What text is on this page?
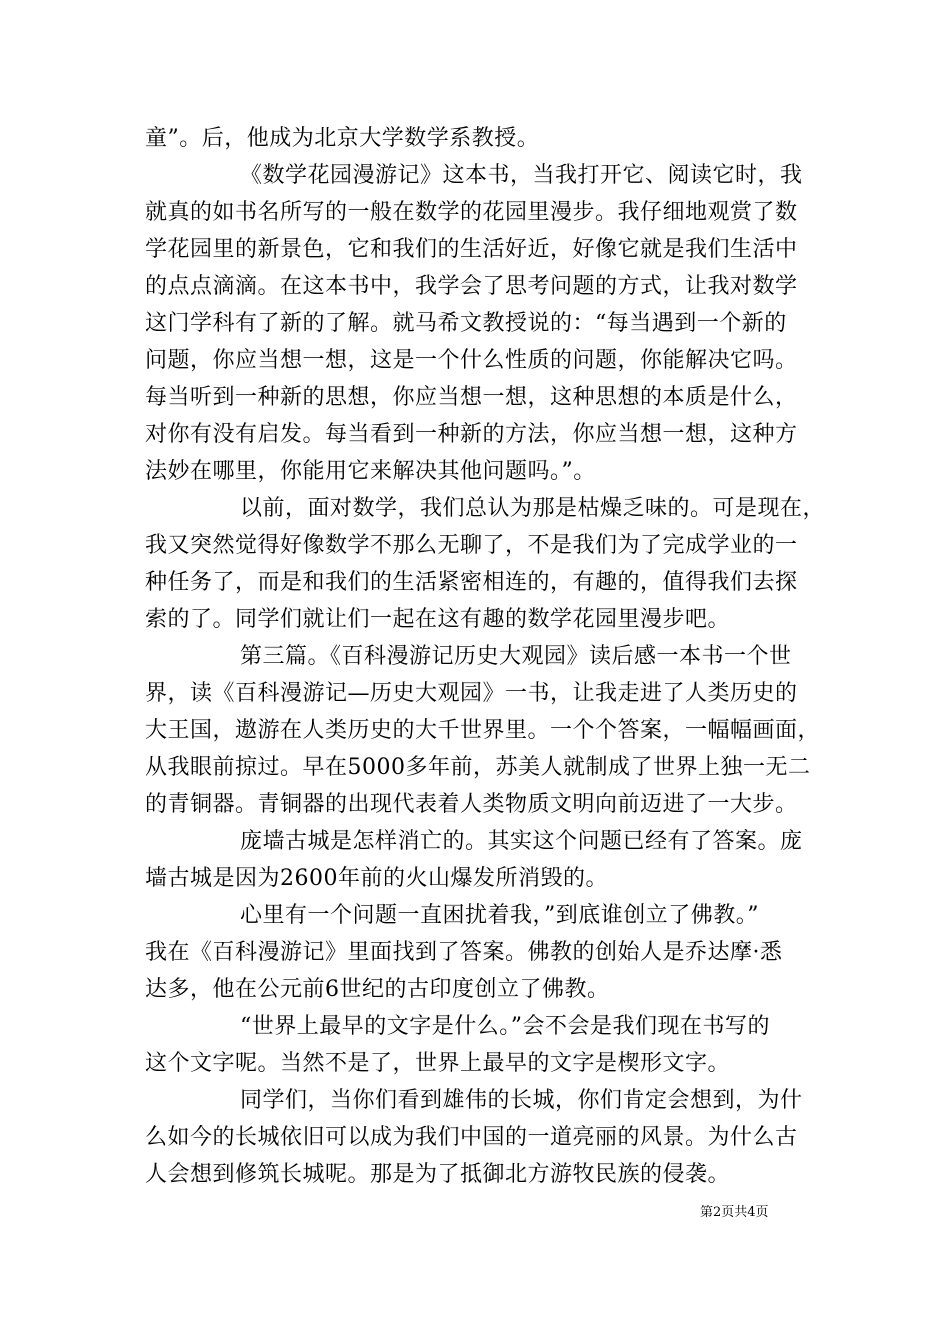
童”。后，他成为北京大学数学系教授。
《数学花园漫游记》这本书，当我打开它、阅读它时，我
就真的如书名所写的一般在数学的花园里漫步。我仔细地观赏了数
学花园里的新景色，它和我们的生活好近，好像它就是我们生活中
的点点滴滴。在这本书中，我学会了思考问题的方式，让我对数学
这门学科有了新的了解。就马希文教授说的：“每当遇到一个新的
问题，你应当想一想，这是一个什么性质的问题，你能解决它吗。
每当听到一种新的思想，你应当想一想，这种思想的本质是什么，
对你有没有启发。每当看到一种新的方法，你应当想一想，这种方
法妙在哪里，你能用它来解决其他问题吗。”。
以前，面对数学，我们总认为那是枯燥乏味的。可是现在，
我又突然觉得好像数学不那么无聊了，不是我们为了完成学业的一
种任务了，而是和我们的生活紧密相连的，有趣的，值得我们去探
索的了。同学们就让们一起在这有趣的数学花园里漫步吧。
第三篇。《百科漫游记历史大观园》读后感一本书一个世
界，读《百科漫游记—历史大观园》一书，让我走进了人类历史的
大王国，遨游在人类历史的大千世界里。一个个答案，一幅幅画面，
从我眼前掠过。早在5000多年前，苏美人就制成了世界上独一无二
的青铜器。青铜器的出现代表着人类物质文明向前迈进了一大步。
庞墙古城是怎样消亡的。其实这个问题已经有了答案。庞
墙古城是因为2600年前的火山爆发所消毁的。
心里有一个问题一直困扰着我，”到底谁创立了佛教。”
我在《百科漫游记》里面找到了答案。佛教的创始人是乔达摩·悉
达多，他在公元前6世纪的古印度创立了佛教。
“世界上最早的文字是什么。”会不会是我们现在书写的
这个文字呢。当然不是了，世界上最早的文字是楔形文字。
同学们，当你们看到雄伟的长城，你们肯定会想到，为什
么如今的长城依旧可以成为我们中国的一道亮丽的风景。为什么古
人会想到修筑长城呢。那是为了抵御北方游牧民族的侵袭。
第2页共4页
